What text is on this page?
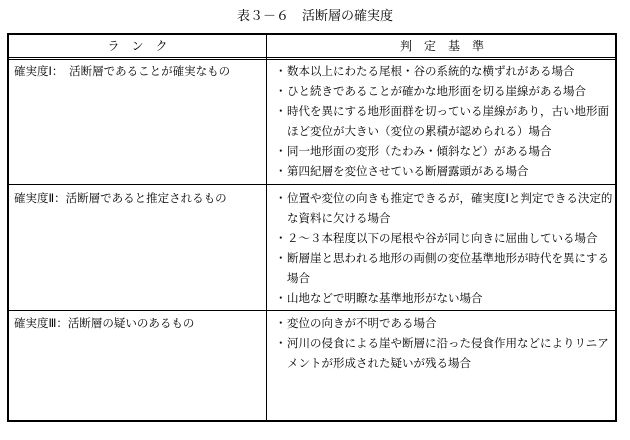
表３－６　活断層の確実度
ラ　ン　ク	判　定　基　準
確実度Ⅰ：　活断層であることが確実なもの	・ 数本以上にわたる尾根・谷の系統的な横ずれがある場合
・ ひと続きであることが確かな地形面を切る崖線がある場合
・ 時代を異にする地形面群を切っている崖線があり，古い地形面ほど変位が大きい（変位の累積が認められる）場合
・ 同一地形面の変形（たわみ・傾斜など）がある場合
・ 第四紀層を変位させている断層露頭がある場合
確実度Ⅱ：活断層であると推定されるもの	・ 位置や変位の向きも推定できるが，確実度Ⅰと判定できる決定的な資料に欠ける場合
・ ２～３本程度以下の尾根や谷が同じ向きに屈曲している場合
・ 断層崖と思われる地形の両側の変位基準地形が時代を異にする場合
・ 山地などで明瞭な基準地形がない場合
確実度Ⅲ：活断層の疑いのあるもの	・ 変位の向きが不明である場合
・ 河川の侵食による崖や断層に沿った侵食作用などによりリニアメントが形成された疑いが残る場合
